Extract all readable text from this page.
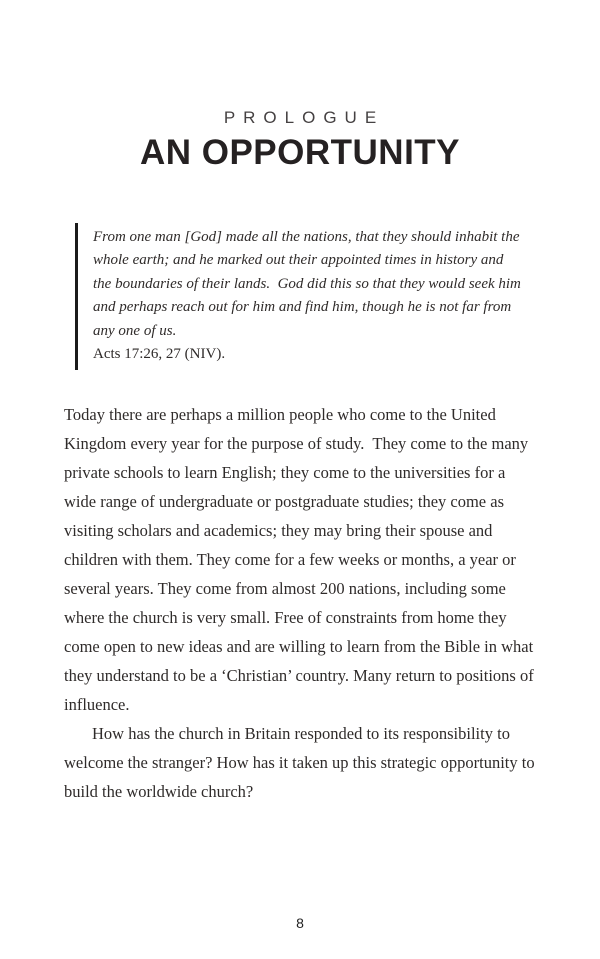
PROLOGUE
AN OPPORTUNITY

From one man [God] made all the nations, that they should inhabit the whole earth; and he marked out their appointed times in history and the boundaries of their lands.  God did this so that they would seek him and perhaps reach out for him and find him, though he is not far from any one of us.

Acts 17:26, 27 (NIV).

Today there are perhaps a million people who come to the United Kingdom every year for the purpose of study.  They come to the many private schools to learn English; they come to the universities for a wide range of undergraduate or postgraduate studies; they come as visiting scholars and academics; they may bring their spouse and children with them. They come for a few weeks or months, a year or several years. They come from almost 200 nations, including some where the church is very small. Free of constraints from home they come open to new ideas and are willing to learn from the Bible in what they understand to be a ‘Christian’ country. Many return to positions of influence.

How has the church in Britain responded to its responsibility to welcome the stranger? How has it taken up this strategic opportunity to build the worldwide church?

8
